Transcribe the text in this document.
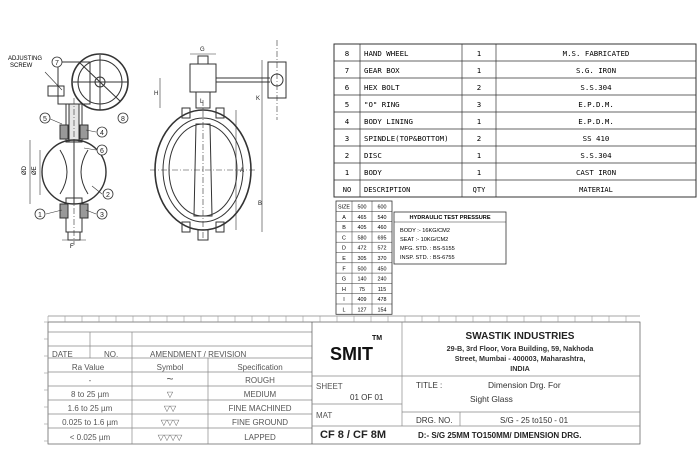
7
8
5
4
6
2
3
1
ADJUSTING SCREW
ØD ØE
F
G
H
L
A
B
K
8 HAND WHEEL	1	M.S. FABRICATED
7 GEAR BOX	1	S.G. IRON
6 HEX BOLT	2	S.S.304
5 "O" RING	3	E.P.D.M.
4 BODY LINING	1	E.P.D.M.
3 SPINDLE(TOP&BOTTOM)	2	SS 410
2 DISC	1	S.S.304
1 BODY	1	CAST IRON
NO DESCRIPTION	QTY	MATERIAL
SIZE 500 600
A 465 540
B 405 460
C 580 695
D 472 572
E 305 370
F 500 450
G 140 240
H 75 115
I 409 478
L 127 154
HYDRAULIC TEST PRESSURE
BODY :- 16KG/CM2
SEAT :- 10KG/CM2
MFG. STD. : BS-5155
INSP. STD. : BS-6755
DATE	NO.	AMENDMENT / REVISION
Ra Value	Symbol	Specification
-	~	ROUGH
8 to 25 µm	▽	MEDIUM
1.6 to 25 µm	▽▽	FINE MACHINED
0.025 to 1.6 µm	▽▽▽	FINE GROUND
< 0.025 µm	▽▽▽▽	LAPPED
SMIT
TM	SWASTIK INDUSTRIES
29-B, 3rd Floor, Vora Building, 59, Nakhoda
Street, Mumbai - 400003, Maharashtra,
INDIA
SHEET
01 OF 01
TITLE :	Dimension Drg. For
Sight Glass
MAT
CF 8 / CF 8M
DRG. NO.	S/G - 25 to150 - 01
D:- S/G 25MM TO150MM/ DIMENSION DRG.
